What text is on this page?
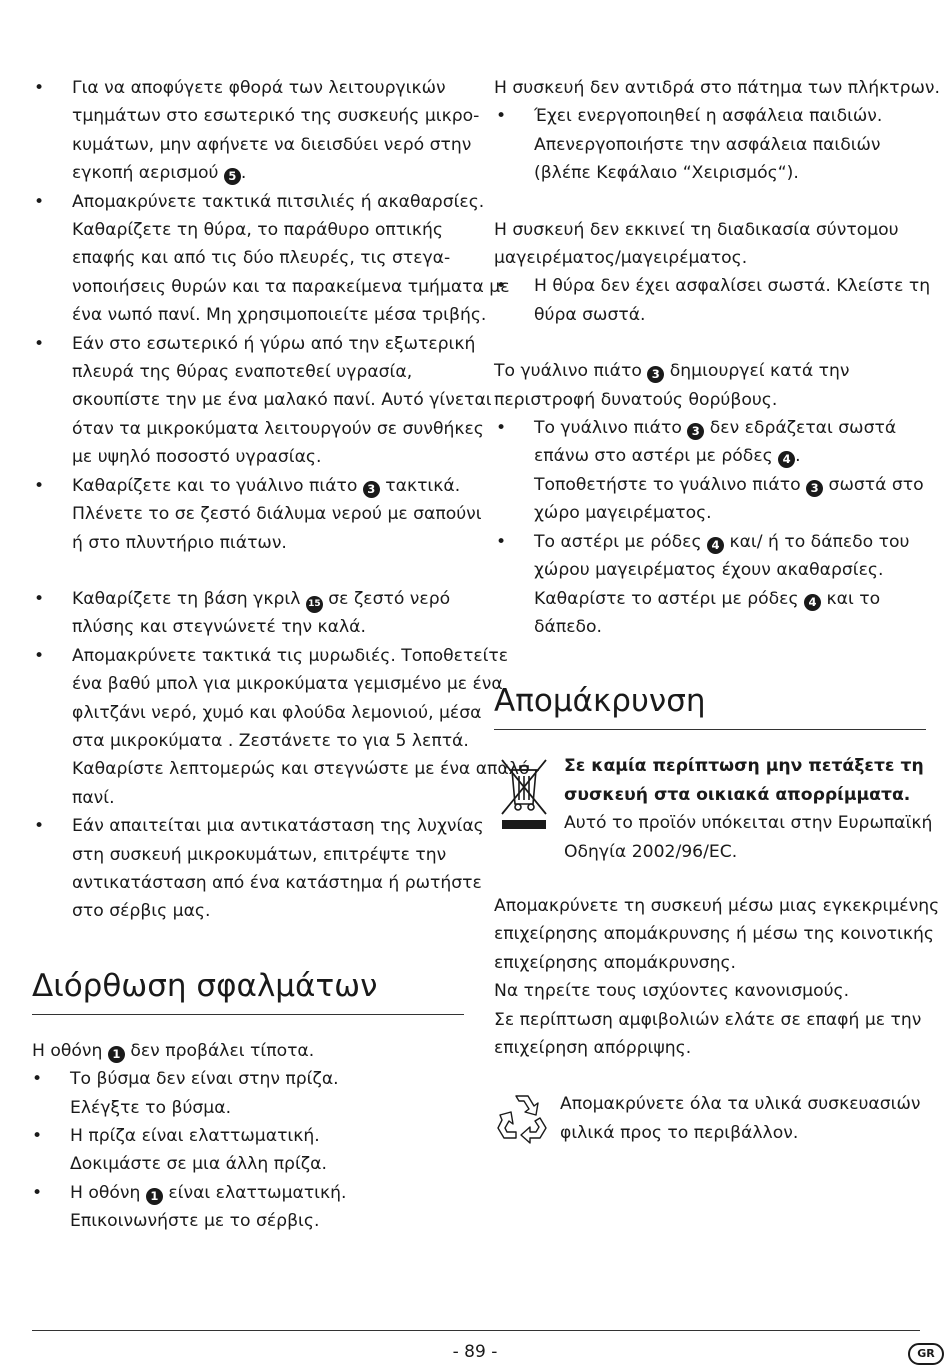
• Για να αποφύγετε φθορά των λειτουργικών
τμημάτων στο εσωτερικό της συσκευής μικρο-
κυμάτων, μην αφήνετε να διεισδύει νερό στην
εγκοπή αερισμού 5 .
• Απομακρύνετε τακτικά πιτσιλιές ή ακαθαρσίες.
Καθαρίζετε τη θύρα, το παράθυρο οπτικής
επαφής και από τις δύο πλευρές, τις στεγα-
νοποιήσεις θυρών και τα παρακείμενα τμήματα με
ένα νωπό πανί. Μη χρησιμοποιείτε μέσα τριβής.
• Εάν στο εσωτερικό ή γύρω από την εξωτερική
πλευρά της θύρας εναποτεθεί υγρασία,
σκουπίστε την με ένα μαλακό πανί. Αυτό γίνεται
όταν τα μικροκύματα λειτουργούν σε συνθήκες
με υψηλό ποσοστό υγρασίας.
• Καθαρίζετε και το γυάλινο πιάτο 3 τακτικά.
Πλένετε το σε ζεστό διάλυμα νερού με σαπούνι
ή στο πλυντήριο πιάτων.
• Καθαρίζετε τη βάση γκριλ 15 σε ζεστό νερό
πλύσης και στεγνώνετέ την καλά.
• Απομακρύνετε τακτικά τις μυρωδιές. Τοποθετείτε
ένα βαθύ μπολ για μικροκύματα γεμισμένο με ένα
φλιτζάνι νερό, χυμό και φλούδα λεμονιού, μέσα
στα μικροκύματα . Ζεστάνετε το για 5 λεπτά.
Καθαρίστε λεπτομερώς και στεγνώστε με ένα απαλό
πανί.
• Εάν απαιτείται μια αντικατάσταση της λυχνίας
στη συσκευή μικροκυμάτων, επιτρέψτε την
αντικατάσταση από ένα κατάστημα ή ρωτήστε
στο σέρβις μας.
Διόρθωση σφαλμάτων
Η οθόνη 1 δεν προβάλει τίποτα.
• Το βύσμα δεν είναι στην πρίζα.
Ελέγξτε το βύσμα.
• Η πρίζα είναι ελαττωματική.
Δοκιμάστε σε μια άλλη πρίζα.
• Η οθόνη 1 είναι ελαττωματική.
Επικοινωνήστε με το σέρβις.
Η συσκευή δεν αντιδρά στο πάτημα των πλήκτρων.
• Έχει ενεργοποιηθεί η ασφάλεια παιδιών.
Απενεργοποιήστε την ασφάλεια παιδιών
(βλέπε Κεφάλαιο “Χειρισμός“).
Η συσκευή δεν εκκινεί τη διαδικασία σύντομου
μαγειρέματος/μαγειρέματος.
• Η θύρα δεν έχει ασφαλίσει σωστά. Κλείστε τη
θύρα σωστά.
Το γυάλινο πιάτο 3 δημιουργεί κατά την
περιστροφή δυνατούς θορύβους.
• Το γυάλινο πιάτο 3 δεν εδράζεται σωστά
επάνω στο αστέρι με ρόδες 4 .
Τοποθετήστε το γυάλινο πιάτο 3 σωστά στο
χώρο μαγειρέματος.
• Το αστέρι με ρόδες 4 και/ ή το δάπεδο του
χώρου μαγειρέματος έχουν ακαθαρσίες.
Καθαρίστε το αστέρι με ρόδες 4 και το
δάπεδο.
Απομάκρυνση
Σε καμία περίπτωση μην πετάξετε τη
συσκευή στα οικιακά απορρίμματα.
Αυτό το προϊόν υπόκειται στην Ευρωπαϊκή
Οδηγία 2002/96/EC.
Απομακρύνετε τη συσκευή μέσω μιας εγκεκριμένης
επιχείρησης απομάκρυνσης ή μέσω της κοινοτικής
επιχείρησης απομάκρυνσης.
Να τηρείτε τους ισχύοντες κανονισμούς.
Σε περίπτωση αμφιβολιών ελάτε σε επαφή με την
επιχείρηση απόρριψης.
Απομακρύνετε όλα τα υλικά συσκευασιών
φιλικά προς το περιβάλλον.
- 89 -	GR
